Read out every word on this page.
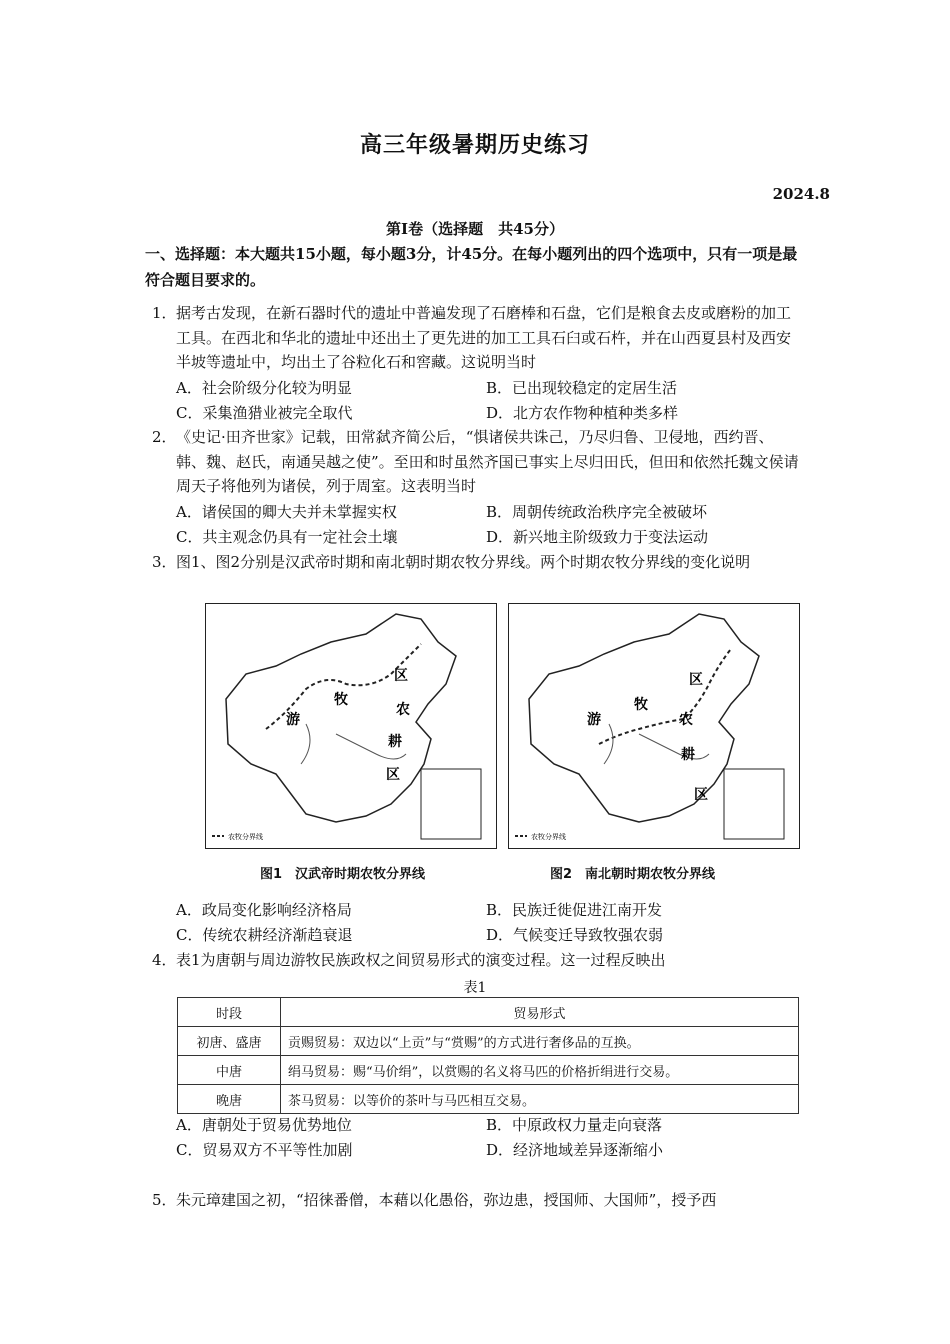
高三年级暑期历史练习
2024.8
第Ⅰ卷（选择题　共45分）
一、选择题：本大题共15小题，每小题3分，计45分。在每小题列出的四个选项中，只有一项是最符合题目要求的。
1． 据考古发现，在新石器时代的遗址中普遍发现了石磨棒和石盘，它们是粮食去皮或磨粉的加工工具。在西北和华北的遗址中还出土了更先进的加工工具石臼或石杵，并在山西夏县村及西安半坡等遗址中，均出土了谷粒化石和窖藏。这说明当时
A．社会阶级分化较为明显	B．已出现较稳定的定居生活
C．采集渔猎业被完全取代	D．北方农作物种植种类多样
2． 《史记·田齐世家》记载，田常弑齐简公后，“惧诸侯共诛己，乃尽归鲁、卫侵地，西约晋、韩、魏、赵氏，南通吴越之使”。至田和时虽然齐国已事实上尽归田氏，但田和依然托魏文侯请周天子将他列为诸侯，列于周室。这表明当时
A．诸侯国的卿大夫并未掌握实权	B．周朝传统政治秩序完全被破坏
C．共主观念仍具有一定社会土壤	D．新兴地主阶级致力于变法运动
3． 图1、图2分别是汉武帝时期和南北朝时期农牧分界线。两个时期农牧分界线的变化说明
农牧分界线
区
牧
农
游
耕
区
图1　汉武帝时期农牧分界线
农牧分界线
区
牧
农
游
耕
区
图2　南北朝时期农牧分界线
A．政局变化影响经济格局	B．民族迁徙促进江南开发
C．传统农耕经济渐趋衰退	D．气候变迁导致牧强农弱
4． 表1为唐朝与周边游牧民族政权之间贸易形式的演变过程。这一过程反映出
表1
时段	贸易形式
初唐、盛唐	贡赐贸易：双边以“上贡”与“赏赐”的方式进行奢侈品的互换。
中唐	绢马贸易：赐“马价绢”，以赏赐的名义将马匹的价格折绢进行交易。
晚唐	茶马贸易：以等价的茶叶与马匹相互交易。
A．唐朝处于贸易优势地位	B．中原政权力量走向衰落
C．贸易双方不平等性加剧	D．经济地域差异逐渐缩小
5． 朱元璋建国之初，“招徕番僧，本藉以化愚俗，弥边患，授国师、大国师”，授予西
